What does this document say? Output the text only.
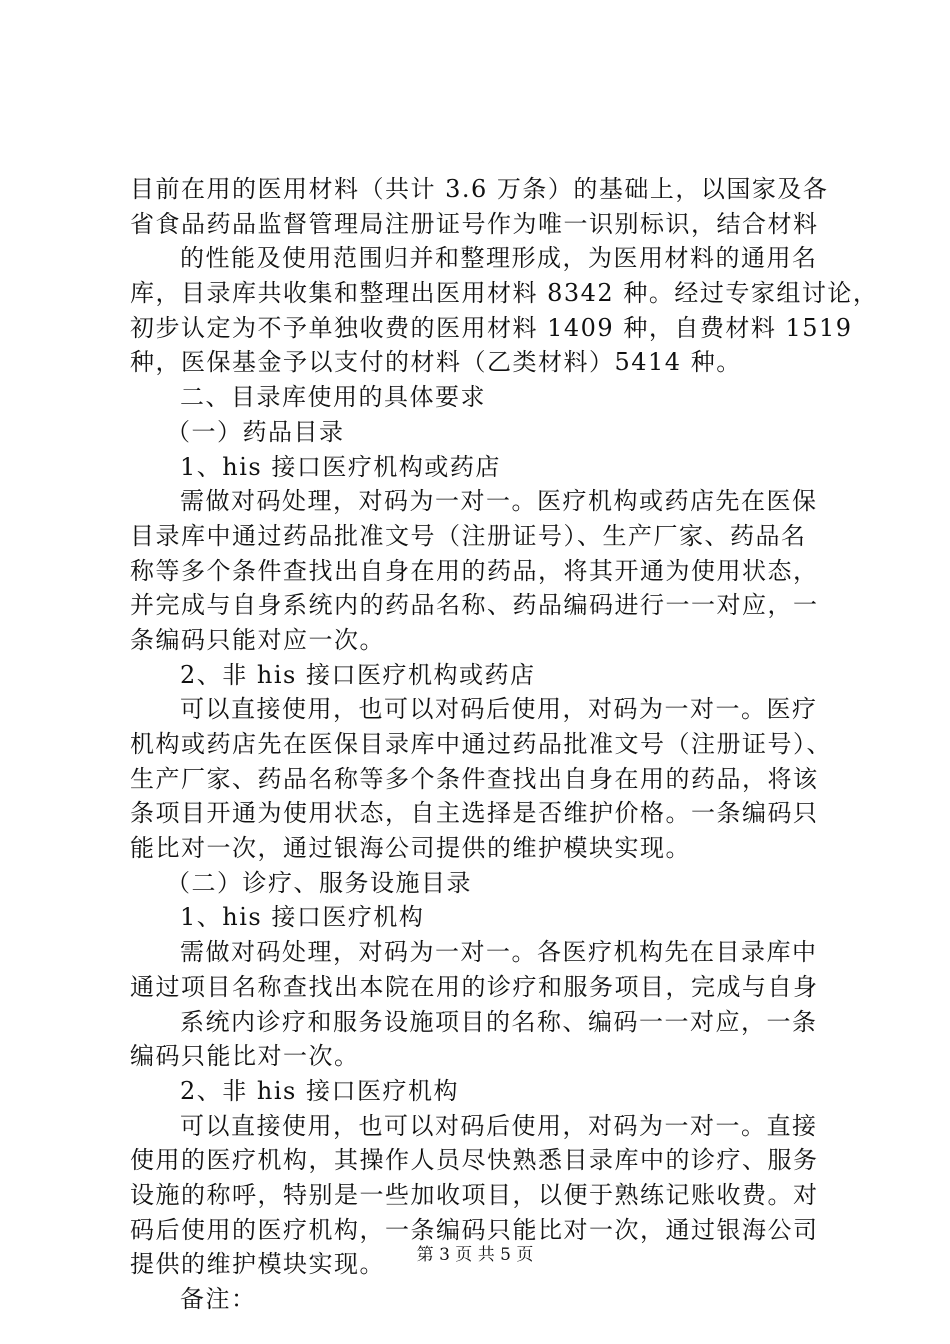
目前在用的医用材料（共计 3.6 万条）的基础上，以国家及各
省食品药品监督管理局注册证号作为唯一识别标识，结合材料
的性能及使用范围归并和整理形成，为医用材料的通用名
库，目录库共收集和整理出医用材料 8342 种。经过专家组讨论，
初步认定为不予单独收费的医用材料 1409 种，自费材料 1519
种，医保基金予以支付的材料（乙类材料）5414 种。
二、目录库使用的具体要求
（一）药品目录
1、his 接口医疗机构或药店
需做对码处理，对码为一对一。医疗机构或药店先在医保
目录库中通过药品批准文号（注册证号）、生产厂家、药品名
称等多个条件查找出自身在用的药品，将其开通为使用状态，
并完成与自身系统内的药品名称、药品编码进行一一对应，一
条编码只能对应一次。
2、非 his 接口医疗机构或药店
可以直接使用，也可以对码后使用，对码为一对一。医疗
机构或药店先在医保目录库中通过药品批准文号（注册证号）、
生产厂家、药品名称等多个条件查找出自身在用的药品，将该
条项目开通为使用状态，自主选择是否维护价格。一条编码只
能比对一次，通过银海公司提供的维护模块实现。
（二）诊疗、服务设施目录
1、his 接口医疗机构
需做对码处理，对码为一对一。各医疗机构先在目录库中
通过项目名称查找出本院在用的诊疗和服务项目，完成与自身
系统内诊疗和服务设施项目的名称、编码一一对应，一条
编码只能比对一次。
2、非 his 接口医疗机构
可以直接使用，也可以对码后使用，对码为一对一。直接
使用的医疗机构，其操作人员尽快熟悉目录库中的诊疗、服务
设施的称呼，特别是一些加收项目，以便于熟练记账收费。对
码后使用的医疗机构，一条编码只能比对一次，通过银海公司
提供的维护模块实现。
备注：
第 3 页 共 5 页
